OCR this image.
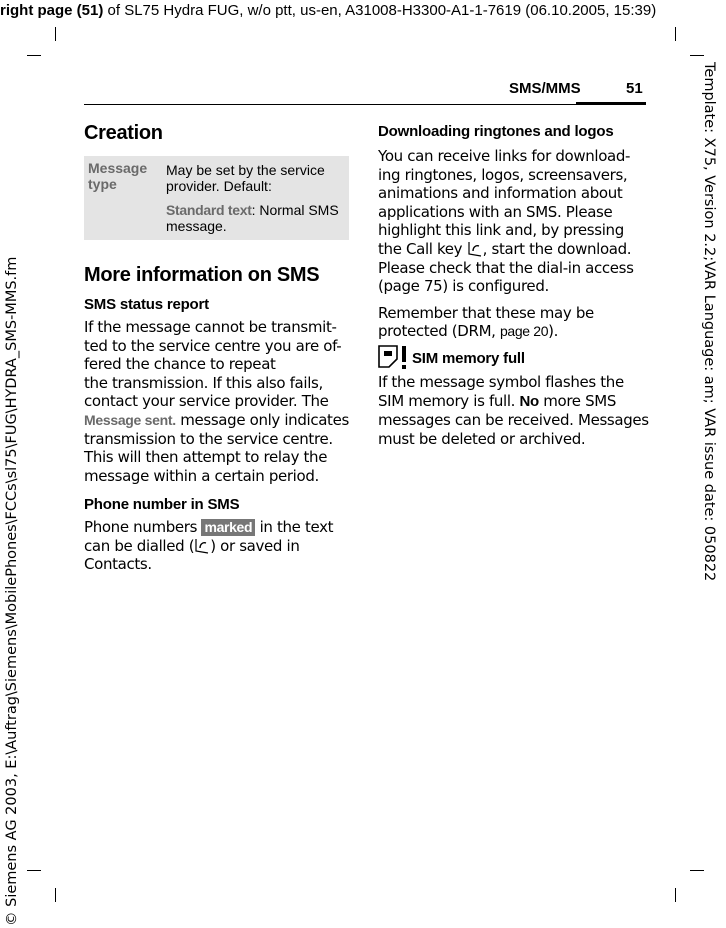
right page (51) of SL75 Hydra FUG, w/o ptt, us-en, A31008-H3300-A1-1-7619 (06.10.2005, 15:39)
Template: X75, Version 2.2;VAR Language: am; VAR issue date: 050822
© Siemens AG 2003, E:\Auftrag\Siemens\MobilePhones\FCCs\sl75\FUG\HYDRA_SMS-MMS.fm
SMS/MMS	51
Creation
Message type
May be set by the service provider. Default:
Standard text: Normal SMS message.
More information on SMS
SMS status report
If the message cannot be transmit-
ted to the service centre you are of-
fered the chance to repeat
the transmission. If this also fails,
contact your service provider. The
Message sent. message only indicates
transmission to the service centre.
This will then attempt to relay the
message within a certain period.
Phone number in SMS
Phone numbers marked in the text
can be dialled ( ) or saved in
Contacts.
Downloading ringtones and logos
You can receive links for download-
ing ringtones, logos, screensavers,
animations and information about
applications with an SMS. Please
highlight this link and, by pressing
the Call key , start the download.
Please check that the dial-in access
(page 75) is configured.
Remember that these may be
protected (DRM, page 20).
SIM memory full
If the message symbol flashes the
SIM memory is full. No more SMS
messages can be received. Messages
must be deleted or archived.
